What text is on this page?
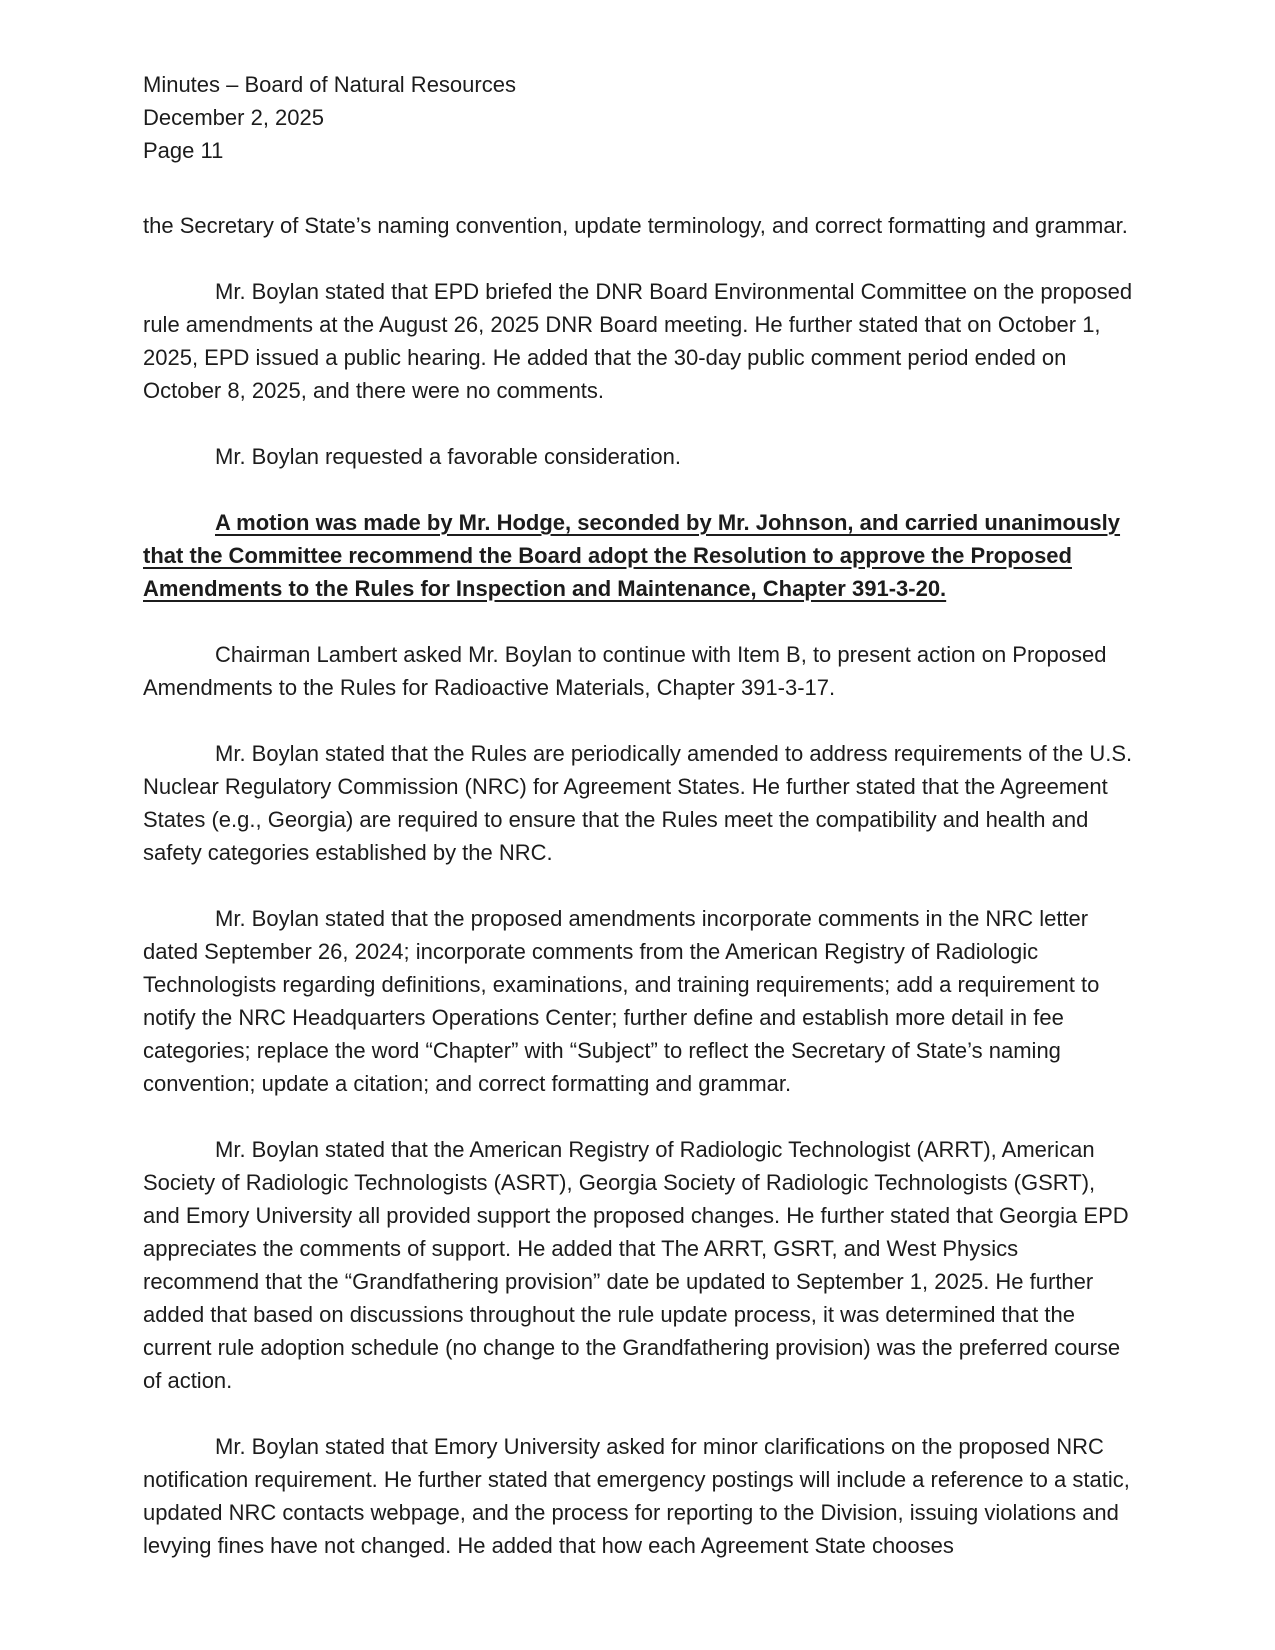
Minutes – Board of Natural Resources

December 2, 2025

Page 11

the Secretary of State’s naming convention, update terminology, and correct formatting and grammar.

Mr. Boylan stated that EPD briefed the DNR Board Environmental Committee on the proposed rule amendments at the August 26, 2025 DNR Board meeting. He further stated that on October 1, 2025, EPD issued a public hearing. He added that the 30-day public comment period ended on October 8, 2025, and there were no comments.

Mr. Boylan requested a favorable consideration.

A motion was made by Mr. Hodge, seconded by Mr. Johnson, and carried unanimously that the Committee recommend the Board adopt the Resolution to approve the Proposed Amendments to the Rules for Inspection and Maintenance, Chapter 391-3-20.

Chairman Lambert asked Mr. Boylan to continue with Item B, to present action on Proposed Amendments to the Rules for Radioactive Materials, Chapter 391-3-17.

Mr. Boylan stated that the Rules are periodically amended to address requirements of the U.S. Nuclear Regulatory Commission (NRC) for Agreement States. He further stated that the Agreement States (e.g., Georgia) are required to ensure that the Rules meet the compatibility and health and safety categories established by the NRC.

Mr. Boylan stated that the proposed amendments incorporate comments in the NRC letter dated September 26, 2024; incorporate comments from the American Registry of Radiologic Technologists regarding definitions, examinations, and training requirements; add a requirement to notify the NRC Headquarters Operations Center; further define and establish more detail in fee categories; replace the word “Chapter” with “Subject” to reflect the Secretary of State’s naming convention; update a citation; and correct formatting and grammar.

Mr. Boylan stated that the American Registry of Radiologic Technologist (ARRT), American Society of Radiologic Technologists (ASRT), Georgia Society of Radiologic Technologists (GSRT), and Emory University all provided support the proposed changes. He further stated that Georgia EPD appreciates the comments of support. He added that The ARRT, GSRT, and West Physics recommend that the “Grandfathering provision” date be updated to September 1, 2025. He further added that based on discussions throughout the rule update process, it was determined that the current rule adoption schedule (no change to the Grandfathering provision) was the preferred course of action.

Mr. Boylan stated that Emory University asked for minor clarifications on the proposed NRC notification requirement. He further stated that emergency postings will include a reference to a static, updated NRC contacts webpage, and the process for reporting to the Division, issuing violations and levying fines have not changed. He added that how each Agreement State chooses
